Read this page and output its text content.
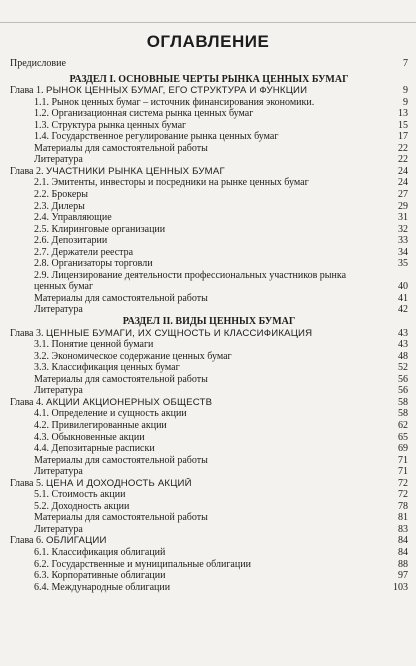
ОГЛАВЛЕНИЕ
Предисловие	7
РАЗДЕЛ I. ОСНОВНЫЕ ЧЕРТЫ РЫНКА ЦЕННЫХ БУМАГ
Глава 1. РЫНОК ЦЕННЫХ БУМАГ, ЕГО СТРУКТУРА И ФУНКЦИИ	9
1.1. Рынок ценных бумаг – источник финансирования экономики.	9
1.2. Организационная система рынка ценных бумаг	13
1.3. Структура рынка ценных бумаг	15
1.4. Государственное регулирование рынка ценных бумаг	17
Материалы для самостоятельной работы	22
Литература	22
Глава 2. УЧАСТНИКИ РЫНКА ЦЕННЫХ БУМАГ	24
2.1. Эмитенты, инвесторы и посредники на рынке ценных бумаг	24
2.2. Брокеры	27
2.3. Дилеры	29
2.4. Управляющие	31
2.5. Клиринговые организации	32
2.6. Депозитарии	33
2.7. Держатели реестра	34
2.8. Организаторы торговли	35
2.9. Лицензирование деятельности профессиональных участников рынка
ценных бумаг	40
Материалы для самостоятельной работы	41
Литература	42
РАЗДЕЛ II. ВИДЫ ЦЕННЫХ БУМАГ
Глава 3. ЦЕННЫЕ БУМАГИ, ИХ СУЩНОСТЬ И КЛАССИФИКАЦИЯ	43
3.1. Понятие ценной бумаги	43
3.2. Экономическое содержание ценных бумаг	48
3.3. Классификация ценных бумаг	52
Материалы для самостоятельной работы	56
Литература	56
Глава 4. АКЦИИ АКЦИОНЕРНЫХ ОБЩЕСТВ	58
4.1. Определение и сущность акции	58
4.2. Привилегированные акции	62
4.3. Обыкновенные акции	65
4.4. Депозитарные расписки	69
Материалы для самостоятельной работы	71
Литература	71
Глава 5. ЦЕНА И ДОХОДНОСТЬ АКЦИЙ	72
5.1. Стоимость акции	72
5.2. Доходность акции	78
Материалы для самостоятельной работы	81
Литература	83
Глава 6. ОБЛИГАЦИИ	84
6.1. Классификация облигаций	84
6.2. Государственные и муниципальные облигации	88
6.3. Корпоративные облигации	97
6.4. Международные облигации	103
